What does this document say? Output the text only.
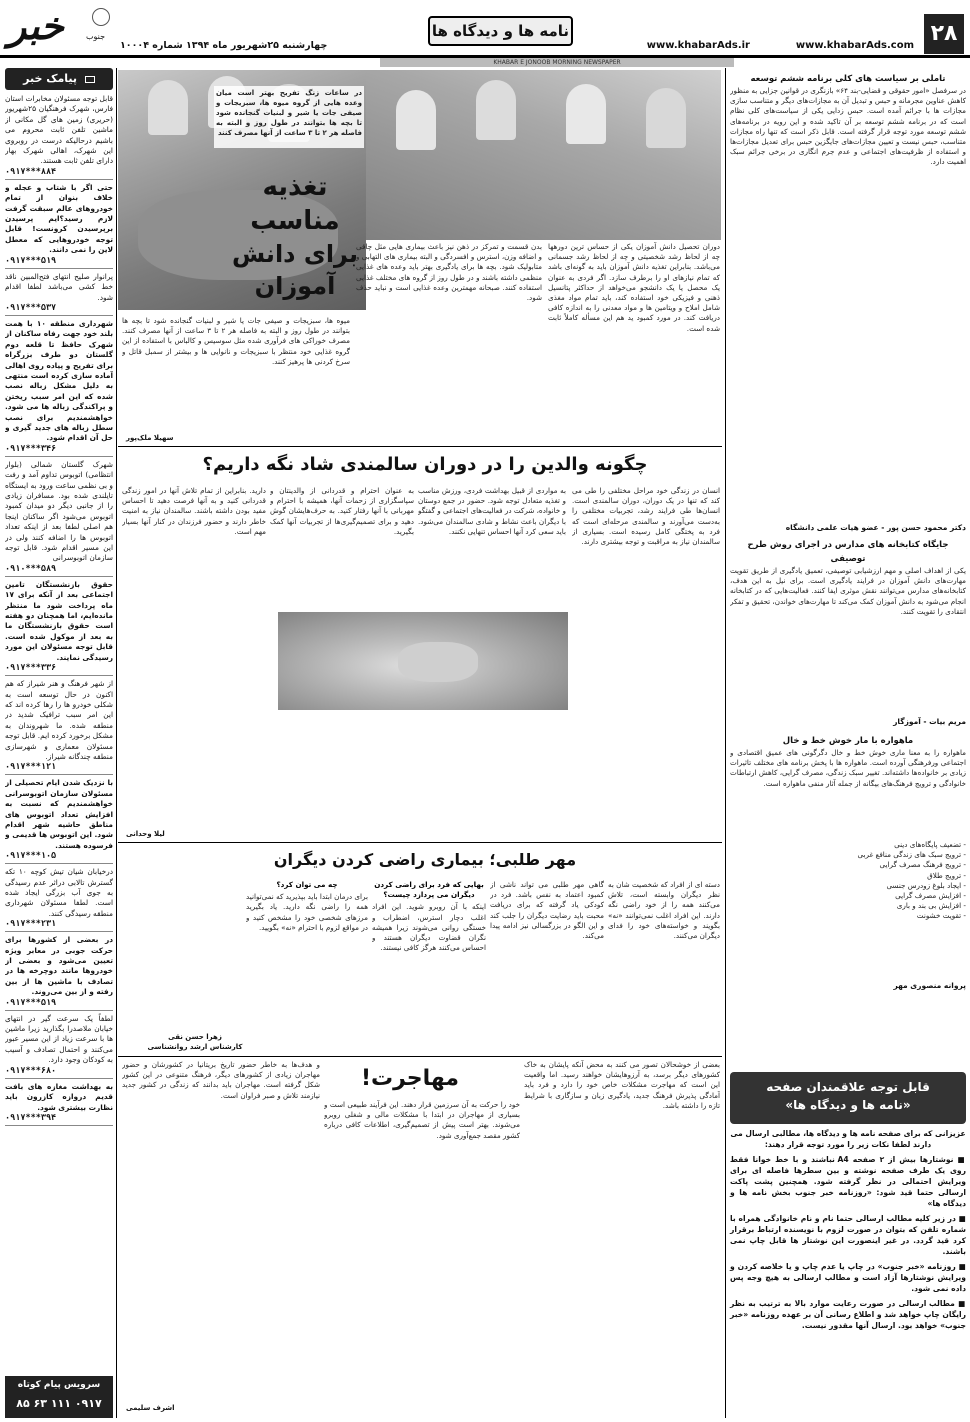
۲۸
www.khabarAds.com
www.khabarAds.ir
نامه ها و دیدگاه ها
چهارشنبه ۲۵شهریور ماه ۱۳۹۴ شماره ۱۰۰۰۴
خبر	جنوب
KHABAR E JONOOB MORNING NEWSPAPER
پیامک خبر
قابل توجه مسئولان مخابرات استان فارس، شهرک فرهنگیان ۲۵شهریور (حریری) زمین های گل مکانی از ماشین تلفن ثابت محروم می باشیم درحالیکه درست در روبروی این شهرک، اهالی شهرک بهار دارای تلفن ثابت هستند.
۰۹۱۷***۸۸۴
حتی اگر با شتاب و عجله و خلاف بنوان از تمام خودروهای عالم سبقت گرفت لازم رسید؟ایم پرسیدن برپرسیدن کرونست! قابل توجه خودروهایی که معطل لاین را نمی دانند.
۰۹۱۷***۵۱۹
پرانوار صلیح انتهای فتح‌المبین ناقد خط کشی می‌باشد لطفا اقدام شود.
۰۹۱۷***۵۳۷
شهرداری منطقه ۱۰ با همت بلند خود جهت رفاه ساکنان از شهرک حافظ تا قلعه دوم گلستان دو طرف بزرگراه برای تفریح و پیاده روی اهالی آماده سازی کرده است منتهی به دلیل مشکل زباله نصب شده که این امر سبب ریختن و پراکندگی زباله ها می شود. خواهشمندیم برای نصب سطل زباله های جدید گیری و حل آن اقدام شود.
۰۹۱۷***۳۴۶
شهرک گلستان شمالی (بلوار انتظامی) اتوبوس تداوم آمد و رفت و بی نظمی ساعت ورود به ایستگاه تایلندی شده بود. مسافران زیادی را از جانبی دیگر دو میدان کمبود اتوبوس می‌شود اگر ساکنان اینجا هم اصلی لطفا بعد از اینکه تعداد اتوبوس ها را اضافه کنند ولی در این مسیر اقدام شود. قابل توجه سازمان اتوبوسرانی
۰۹۱۰***۵۸۹
حقوق بازنشستگان تامین اجتماعی بعد از آنکه برای ۱۷ ماه پرداخت شود ما منتظر مانده‌ایم، اما همچنان دو هفته است حقوق بازنشستگان ما به بعد از موکول شده است. قابل توجه مسئولان این مورد رسیدگی نمایند.
۰۹۱۷***۳۳۶
از شهر فرهنگ و هنر شیراز که هم اکنون در حال توسعه است به شکلی خودرو ها را رها کرده اند که این امر سبب ترافیک شدید در منطقه شده. ما شهروندان به مشکل برخورد کرده ایم. قابل توجه مسئولان معماری و شهرسازی منطقه چندگانه شیراز.
۰۹۱۷***۱۲۱
با نزدیک شدن ایام تحصیلی از مسئولان سازمان اتوبوسرانی خواهشمندیم که نسبت به افزایش تعداد اتوبوس های مناطق حاشیه شهر اقدام شود. این اتوبوس ها قدیمی و فرسوده هستند.
۰۹۱۷***۱۰۵
درخیابان شیان تیش کوچه ۱۰ تکه گسترش تالابی دراثر عدم رسیدگی به جوی آب بزرگی ایجاد شده است. لطفا مسئولان شهرداری منطقه رسیدگی کنند.
۰۹۱۷***۲۳۱
در بعضی از کشورها برای حرکت جوبی در معابر ویژه تعیین می‌شود و بعضی از خودروها مانند دوچرخه ها در تصادف با ماشین ها از بین رفته و از بین می‌روند.
۰۹۱۷***۵۱۹
لطفاً یک سرعت گیر در انتهای خیابان ملاصدرا بگذارید زیرا ماشین ها با سرعت زیاد از این مسیر عبور می‌کنند و احتمال تصادف و آسیب به کودکان وجود دارد.
۰۹۱۷***۶۸۰
به بهداشت مغازه های بافت قدیم دروازه کازرون باید نظارت بیشتری شود.
۰۹۱۷***۳۹۴
سرویس پیام کوتاه
۰۹۱۷ ۱۱۱ ۶۳ ۸۵
تغذیه مناسب
برای دانش آموزان
در ساعات زنگ تفریح بهتر است میان وعده هایی از گروه میوه ها، سبزیجات و صیفی جات یا شیر و لبنیات گنجانده شود تا بچه ها بتوانند در طول روز و البته به فاصله هر ۲ تا ۳ ساعت از آنها مصرف کنند
دوران تحصیل دانش آموزان یکی از حساس ترین دورهها چه از لحاظ رشد شخصیتی و چه از لحاظ رشد جسمانی می‌باشد. بنابراین تغذیه دانش آموزان باید به گونه‌ای باشد که تمام نیازهای او را برطرف سازد. اگر فردی به عنوان یک محصل یا یک دانشجو می‌خواهد از حداکثر پتانسیل ذهنی و فیزیکی خود استفاده کند، باید تمام مواد مغذی شامل املاح و ویتامین ها و مواد معدنی را به اندازه کافی دریافت کند. در مورد کمبود ید هم این مسأله کاملاً ثابت شده است.
بدن قسمت و تمرکز در ذهن نیز باعث بیماری هایی مثل چاقی و اضافه وزن، استرس و افسردگی و البته بیماری های التهابی و متابولیک شود. بچه ها برای یادگیری بهتر باید وعده های غذایی منظمی داشته باشند و در طول روز از گروه های مختلف غذایی استفاده کنند. صبحانه مهمترین وعده غذایی است و نباید حذف شود.
میوه ها، سبزیجات و صیفی جات یا شیر و لبنیات گنجانده شود تا بچه ها بتوانند در طول روز و البته به فاصله هر ۲ تا ۳ ساعت از آنها مصرف کنند. مصرف خوراکی های فرآوری شده مثل سوسیس و کالباس با استفاده از این گروه غذایی خود منتظر با سبزیجات و نانوایی ها و بیشتر از سمبل قاتل و سرخ کردنی ها پرهیز کنند.
سهیلا ملک‌پور
چگونه والدین را در دوران سالمندی شاد نگه داریم؟
انسان در زندگی خود مراحل مختلفی را طی می کند که تنها در یک دوران، دوران سالمندی است. انسان‌ها طی فرایند رشد، تجربیات مختلفی را به‌دست می‌آورند و سالمندی مرحله‌ای است که فرد به پختگی کامل رسیده است. بسیاری از سالمندان نیاز به مراقبت و توجه بیشتری دارند.
به مواردی از قبیل بهداشت فردی، ورزش مناسب و تغذیه متعادل توجه شود. حضور در جمع دوستان و خانواده، شرکت در فعالیت‌های اجتماعی و گفتگو با دیگران باعث نشاط و شادی سالمندان می‌شود. باید سعی کرد آنها احساس تنهایی نکنند.
به عنوان احترام و قدردانی از والدینتان و سپاسگزاری از زحمات آنها، همیشه با احترام و مهربانی با آنها رفتار کنید. به حرف‌هایشان گوش دهید و برای تصمیم‌گیری‌ها از تجربیات آنها کمک بگیرید.
دارید. بنابراین از تمام تلاش آنها در امور زندگی قدردانی کنید و به آنها فرصت دهید تا احساس مفید بودن داشته باشند. سالمندان نیاز به امنیت خاطر دارند و حضور فرزندان در کنار آنها بسیار مهم است.
لیلا وحدانی
مهر طلبی؛ بیماری راضی کردن دیگران
دسته ای از افراد که شخصیت شان به نظر دیگران وابسته است، تلاش می‌کنند همه را از خود راضی نگه دارند. این افراد اغلب نمی‌توانند «نه» بگویند و خواسته‌های خود را فدای دیگران می‌کنند.
گاهی مهر طلبی می تواند ناشی از کمبود اعتماد به نفس باشد. فرد در کودکی یاد گرفته که برای دریافت محبت باید رضایت دیگران را جلب کند و این الگو در بزرگسالی نیز ادامه پیدا می‌کند.
بهایی که فرد برای راضی کردن دیگران می پردازد چیست؟
اینکه با آن روبرو شوید. این افراد اغلب دچار استرس، اضطراب و خستگی روانی می‌شوند زیرا همیشه نگران قضاوت دیگران هستند و احساس می‌کنند هرگز کافی نیستند.
چه می توان کرد؟
برای درمان ابتدا باید بپذیرید که نمی‌توانید همه را راضی نگه دارید. یاد بگیرید مرزهای شخصی خود را مشخص کنید و در مواقع لزوم با احترام «نه» بگویید.
زهرا حسن نقی
کارشناس ارشد روانشناسی
مهاجرت!
بعضی از خوشحالان تصور می کنند به محض آنکه پایشان به خاک کشورهای دیگر برسد، به آرزوهایشان خواهند رسید. اما واقعیت این است که مهاجرت مشکلات خاص خود را دارد و فرد باید آمادگی پذیرش فرهنگ جدید، یادگیری زبان و سازگاری با شرایط تازه را داشته باشد.
خود را حرکت به آن سرزمین قرار دهند. این فرآیند طبیعی است و بسیاری از مهاجران در ابتدا با مشکلات مالی و شغلی روبرو می‌شوند. بهتر است پیش از تصمیم‌گیری، اطلاعات کافی درباره کشور مقصد جمع‌آوری شود.
و هدف‌ها به خاطر حضور تاریخ بریتانیا در کشورشان و حضور مهاجران زیادی از کشورهای دیگر، فرهنگ متنوعی در این کشور شکل گرفته است. مهاجران باید بدانند که زندگی در کشور جدید نیازمند تلاش و صبر فراوان است.
اشرف سلیمی
تاملی بر سیاست های کلی برنامه ششم توسعه
در سرفصل «امور حقوقی و قضایی-بند ۶۴» بازنگری در قوانین جزایی به منظور کاهش عناوین مجرمانه و حبس و تبدیل آن به مجازات‌های دیگر و متناسب سازی مجازات ها با جرائم آمده است. حبس زدایی یکی از سیاست‌های کلی نظام است که در برنامه ششم توسعه بر آن تاکید شده و این رویه در برنامه‌های ششم توسعه مورد توجه قرار گرفته است. قابل ذکر است که تنها راه مجازات متناسب، حبس نیست و تعیین مجازات‌های جایگزین حبس برای تعدیل مجازات‌ها و استفاده از ظرفیت‌های اجتماعی و عدم جرم انگاری در برخی جرائم سبک اهمیت دارد.
دکتر محمود حسن پور - عضو هیات علمی دانشگاه
جایگاه کتابخانه های مدارس در اجرای روش طرح توصیفی
یکی از اهداف اصلی و مهم ارزشیابی توصیفی، تعمیق یادگیری از طریق تقویت مهارت‌های دانش آموزان در فرایند یادگیری است. برای نیل به این هدف، کتابخانه‌های مدارس می‌توانند نقش موثری ایفا کنند. فعالیت‌هایی که در کتابخانه انجام می‌شود به دانش آموزان کمک می‌کند تا مهارت‌های خواندن، تحقیق و تفکر انتقادی را تقویت کنند.
مریم بیات - آموزگار
ماهواره با مار خوش خط و خال
ماهواره را به معنا ماری خوش خط و خال دگرگونی های عمیق اقتصادی و اجتماعی ورفرهنگی آورده است. ماهواره ها با پخش برنامه های مختلف تاثیرات زیادی بر خانواده‌ها داشته‌اند. تغییر سبک زندگی، مصرف گرایی، کاهش ارتباطات خانوادگی و ترویج فرهنگ‌های بیگانه از جمله آثار منفی ماهواره است.
- تضعیف پایگاه‌های دینی
- ترویج سبک های زندگی منافع غربی
- ترویج فرهنگ مصرف گرایی
- ترویج طلاق
- ایجاد بلوغ زودرس جنسی
- افزایش مصرف گرایی
- افزایش بی بند و باری
- تقویت خشونت
پروانه منصوری مهر
قابل توجه علاقمندان صفحه
«نامه ها و دیدگاه ها»
عزیزانی که برای صفحه نامه ها و دیدگاه ها، مطالبی ارسال می دارند لطفا نکات زیر را مورد توجه قرار دهند:
■ نوشتارها بیش از ۲ صفحه A4 نباشند و با خط خوانا فقط روی یک طرف صفحه نوشته و بین سطرها فاصله ای برای ویرایش احتمالی در نظر گرفته شود. همچنین پشت پاکت ارسالی حتما قید شود: «روزنامه خبر جنوب بخش نامه ها و دیدگاه ها»
■ در زیر کلیه مطالب ارسالی حتما نام و نام خانوادگی همراه با شماره تلفن که بتوان در صورت لزوم با نویسنده ارتباط برقرار کرد قید گردد. در غیر اینصورت این نوشتار ها قابل چاپ نمی باشند.
■ روزنامه «خبر جنوب» در چاپ یا عدم چاپ و یا خلاصه کردن و ویرایش نوشتارها آزاد است و مطالب ارسالی به هیچ وجه پس داده نمی شود.
■ مطالب ارسالی در صورت رعایت موارد بالا به ترتیب به نظر رایگان چاپ خواهد شد و اطلاع رسانی آن بر عهده روزنامه «خبر جنوب» خواهد بود. ارسال آنها مقدور نیست.
